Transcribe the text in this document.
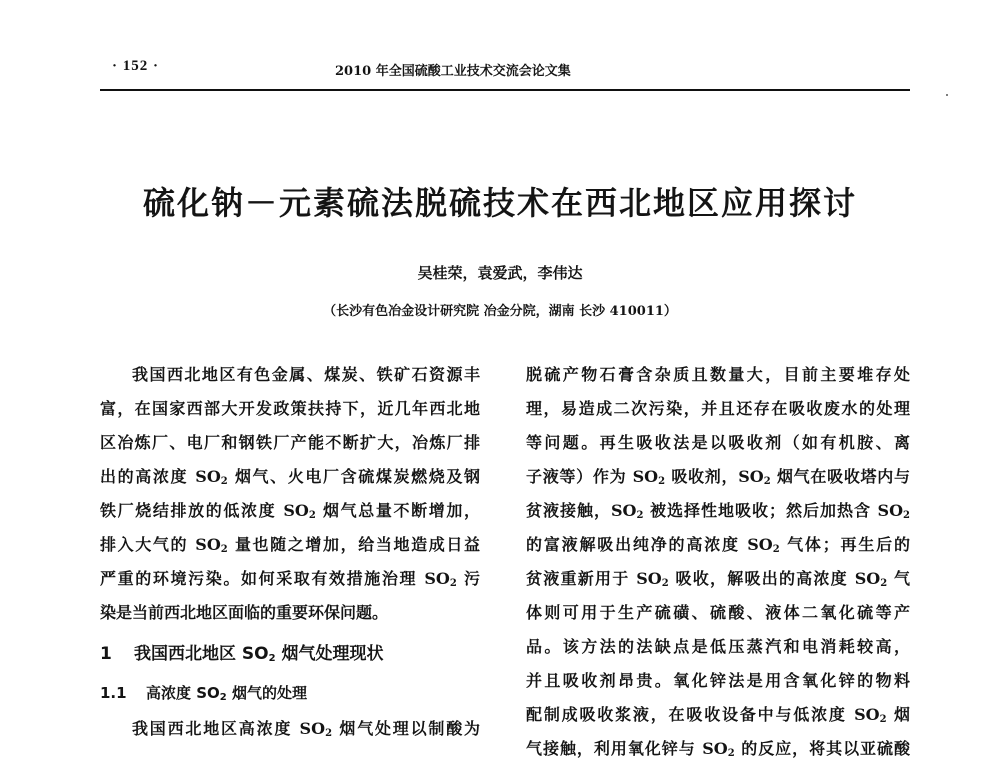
· 152 ·	2010 年全国硫酸工业技术交流会论文集
硫化钠－元素硫法脱硫技术在西北地区应用探讨
吴桂荣，袁爱武，李伟达
（长沙有色冶金设计研究院 冶金分院，湖南 长沙 410011）
我国西北地区有色金属、煤炭、铁矿石资源丰
富，在国家西部大开发政策扶持下，近几年西北地
区冶炼厂、电厂和钢铁厂产能不断扩大，冶炼厂排
出的高浓度 $SO_2$ 烟气、火电厂含硫煤炭燃烧及钢
铁厂烧结排放的低浓度 $SO_2$ 烟气总量不断增加，
排入大气的 $SO_2$ 量也随之增加，给当地造成日益
严重的环境污染。如何采取有效措施治理 $SO_2$ 污
染是当前西北地区面临的重要环保问题。
1 我国西北地区 $SO_2$ 烟气处理现状
1.1 高浓度 $SO_2$ 烟气的处理
我国西北地区高浓度 $SO_2$ 烟气处理以制酸为
脱硫产物石膏含杂质且数量大，目前主要堆存处
理，易造成二次污染，并且还存在吸收废水的处理
等问题。再生吸收法是以吸收剂（如有机胺、离
子液等）作为 $SO_2$ 吸收剂，$SO_2$ 烟气在吸收塔内与
贫液接触，$SO_2$ 被选择性地吸收；然后加热含 $SO_2$
的富液解吸出纯净的高浓度 $SO_2$ 气体；再生后的
贫液重新用于 $SO_2$ 吸收，解吸出的高浓度 $SO_2$ 气
体则可用于生产硫磺、硫酸、液体二氧化硫等产
品。该方法的法缺点是低压蒸汽和电消耗较高，
并且吸收剂昂贵。氧化锌法是用含氧化锌的物料
配制成吸收浆液，在吸收设备中与低浓度 $SO_2$ 烟
气接触，利用氧化锌与 $SO_2$ 的反应，将其以亚硫酸
